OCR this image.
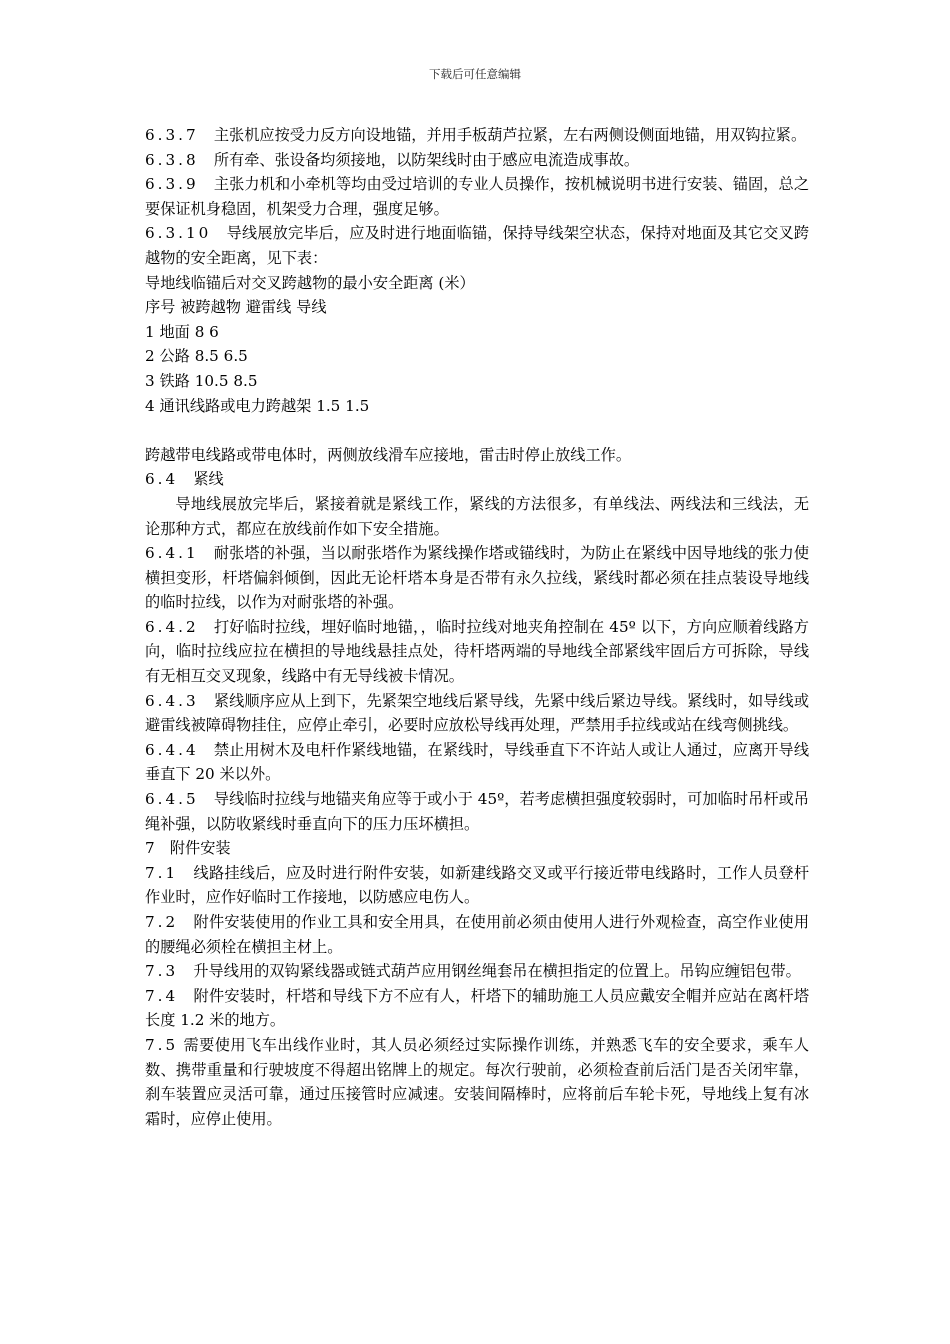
下载后可任意编辑

6.3.7  主张机应按受力反方向设地锚，并用手板葫芦拉紧，左右两侧设侧面地锚，用双钩拉紧。

6.3.8  所有牵、张设备均须接地，以防架线时由于感应电流造成事故。

6.3.9  主张力机和小牵机等均由受过培训的专业人员操作，按机械说明书进行安装、锚固，总之要保证机身稳固，机架受力合理，强度足够。

6.3.10  导线展放完毕后，应及时进行地面临锚，保持导线架空状态，保持对地面及其它交叉跨越物的安全距离，见下表：

导地线临锚后对交叉跨越物的最小安全距离 (米）

序号 被跨越物 避雷线 导线

1 地面 8 6

2 公路 8.5 6.5

3 铁路 10.5 8.5

4 通讯线路或电力跨越架 1.5 1.5

跨越带电线路或带电体时，两侧放线滑车应接地，雷击时停止放线工作。

6.4  紧线

导地线展放完毕后，紧接着就是紧线工作，紧线的方法很多，有单线法、两线法和三线法，无论那种方式，都应在放线前作如下安全措施。

6.4.1  耐张塔的补强，当以耐张塔作为紧线操作塔或锚线时，为防止在紧线中因导地线的张力使横担变形，杆塔偏斜倾倒，因此无论杆塔本身是否带有永久拉线，紧线时都必须在挂点装设导地线的临时拉线，以作为对耐张塔的补强。

6.4.2  打好临时拉线，埋好临时地锚，，临时拉线对地夹角控制在 45º 以下，方向应顺着线路方向，临时拉线应拉在横担的导地线悬挂点处，待杆塔两端的导地线全部紧线牢固后方可拆除，导线有无相互交叉现象，线路中有无导线被卡情况。

6.4.3  紧线顺序应从上到下，先紧架空地线后紧导线，先紧中线后紧边导线。紧线时，如导线或避雷线被障碍物挂住，应停止牵引，必要时应放松导线再处理，严禁用手拉线或站在线弯侧挑线。

6.4.4  禁止用树木及电杆作紧线地锚，在紧线时，导线垂直下不许站人或让人通过，应离开导线垂直下 20 米以外。

6.4.5  导线临时拉线与地锚夹角应等于或小于 45º，若考虑横担强度较弱时，可加临时吊杆或吊绳补强，以防收紧线时垂直向下的压力压坏横担。

7  附件安装

7.1  线路挂线后，应及时进行附件安装，如新建线路交叉或平行接近带电线路时，工作人员登杆作业时，应作好临时工作接地，以防感应电伤人。

7.2  附件安装使用的作业工具和安全用具，在使用前必须由使用人进行外观检查，高空作业使用的腰绳必须栓在横担主材上。

7.3  升导线用的双钩紧线器或链式葫芦应用钢丝绳套吊在横担指定的位置上。吊钩应缠铝包带。

7.4  附件安装时，杆塔和导线下方不应有人，杆塔下的辅助施工人员应戴安全帽并应站在离杆塔长度 1.2 米的地方。

7.5 需要使用飞车出线作业时，其人员必须经过实际操作训练，并熟悉飞车的安全要求，乘车人数、携带重量和行驶坡度不得超出铭牌上的规定。每次行驶前，必须检查前后活门是否关闭牢靠，刹车装置应灵活可靠，通过压接管时应减速。安装间隔棒时，应将前后车轮卡死，导地线上复有冰霜时，应停止使用。
